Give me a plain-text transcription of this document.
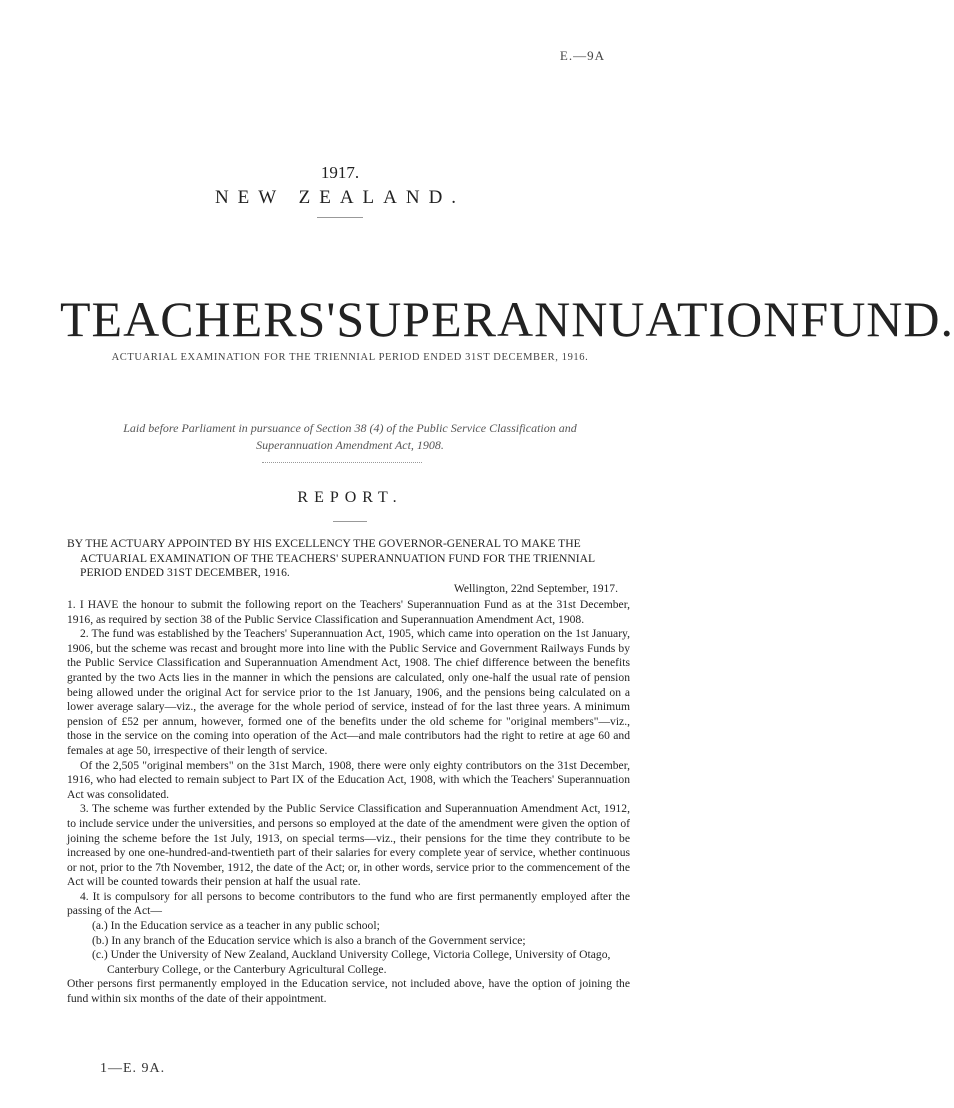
E.—9A
1917.
NEW ZEALAND.
TEACHERS' SUPERANNUATION FUND.
ACTUARIAL EXAMINATION FOR THE TRIENNIAL PERIOD ENDED 31ST DECEMBER, 1916.
Laid before Parliament in pursuance of Section 38 (4) of the Public Service Classification and Superannuation Amendment Act, 1908.
REPORT.
BY THE ACTUARY APPOINTED BY HIS EXCELLENCY THE GOVERNOR-GENERAL TO MAKE THE ACTUARIAL EXAMINATION OF THE TEACHERS' SUPERANNUATION FUND FOR THE TRIENNIAL PERIOD ENDED 31ST DECEMBER, 1916.
Wellington, 22nd September, 1917.

1. I HAVE the honour to submit the following report on the Teachers' Superannuation Fund as at the 31st December, 1916, as required by section 38 of the Public Service Classification and Superannuation Amendment Act, 1908.

2. The fund was established by the Teachers' Superannuation Act, 1905, which came into operation on the 1st January, 1906, but the scheme was recast and brought more into line with the Public Service and Government Railways Funds by the Public Service Classification and Superannuation Amendment Act, 1908. The chief difference between the benefits granted by the two Acts lies in the manner in which the pensions are calculated, only one-half the usual rate of pension being allowed under the original Act for service prior to the 1st January, 1906, and the pensions being calculated on a lower average salary—viz., the average for the whole period of service, instead of for the last three years. A minimum pension of £52 per annum, however, formed one of the benefits under the old scheme for "original members"—viz., those in the service on the coming into operation of the Act—and male contributors had the right to retire at age 60 and females at age 50, irrespective of their length of service.

Of the 2,505 "original members" on the 31st March, 1908, there were only eighty contributors on the 31st December, 1916, who had elected to remain subject to Part IX of the Education Act, 1908, with which the Teachers' Superannuation Act was consolidated.

3. The scheme was further extended by the Public Service Classification and Superannuation Amendment Act, 1912, to include service under the universities, and persons so employed at the date of the amendment were given the option of joining the scheme before the 1st July, 1913, on special terms—viz., their pensions for the time they contribute to be increased by one one-hundred-and-twentieth part of their salaries for every complete year of service, whether continuous or not, prior to the 7th November, 1912, the date of the Act; or, in other words, service prior to the commencement of the Act will be counted towards their pension at half the usual rate.

4. It is compulsory for all persons to become contributors to the fund who are first permanently employed after the passing of the Act—

(a.) In the Education service as a teacher in any public school;

(b.) In any branch of the Education service which is also a branch of the Government service;

(c.) Under the University of New Zealand, Auckland University College, Victoria College, University of Otago, Canterbury College, or the Canterbury Agricultural College.

Other persons first permanently employed in the Education service, not included above, have the option of joining the fund within six months of the date of their appointment.

1—E. 9A.
